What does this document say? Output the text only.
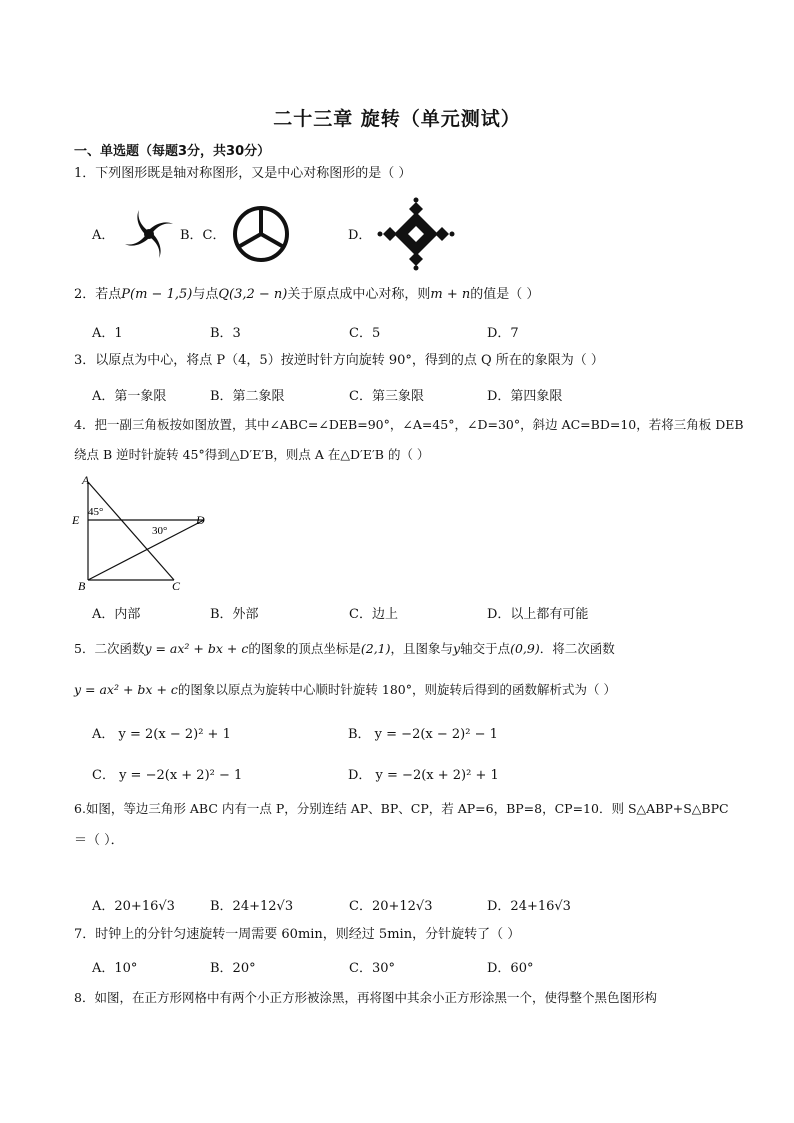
二十三章 旋转（单元测试）
一、单选题（每题3分，共30分）
1．下列图形既是轴对称图形，又是中心对称图形的是（ ）
A．	B．C．	D．
2．若点P(m − 1,5)与点Q(3,2 − n)关于原点成中心对称，则m + n的值是（ ）
A．1	B．3	C．5	D．7
3．以原点为中心，将点 P（4，5）按逆时针方向旋转 90°，得到的点 Q 所在的象限为（ ）
A．第一象限	B．第二象限	C．第三象限	D．第四象限
4．把一副三角板按如图放置，其中∠ABC=∠DEB=90°，∠A=45°，∠D=30°，斜边 AC=BD=10，若将三角板 DEB
绕点 B 逆时针旋转 45°得到△D′E′B，则点 A 在△D′E′B 的（ ）
A
E	D
B	C
45°
30°
A．内部	B．外部	C．边上	D．以上都有可能
5．二次函数y = ax² + bx + c的图象的顶点坐标是(2,1)，且图象与y轴交于点(0,9)．将二次函数
y = ax² + bx + c的图象以原点为旋转中心顺时针旋转 180°，则旋转后得到的函数解析式为（ ）
A． y = 2(x − 2)² + 1	B． y = −2(x − 2)² − 1
C． y = −2(x + 2)² − 1	D． y = −2(x + 2)² + 1
6.如图，等边三角形 ABC 内有一点 P，分别连结 AP、BP、CP，若 AP=6，BP=8，CP=10．则 S△ABP+S△BPC
＝（ ）．
A．20+16√3	B．24+12√3	C．20+12√3	D．24+16√3
7．时钟上的分针匀速旋转一周需要 60min，则经过 5min，分针旋转了（ ）
A．10°	B．20°	C．30°	D．60°
8．如图，在正方形网格中有两个小正方形被涂黑，再将图中其余小正方形涂黑一个，使得整个黑色图形构
